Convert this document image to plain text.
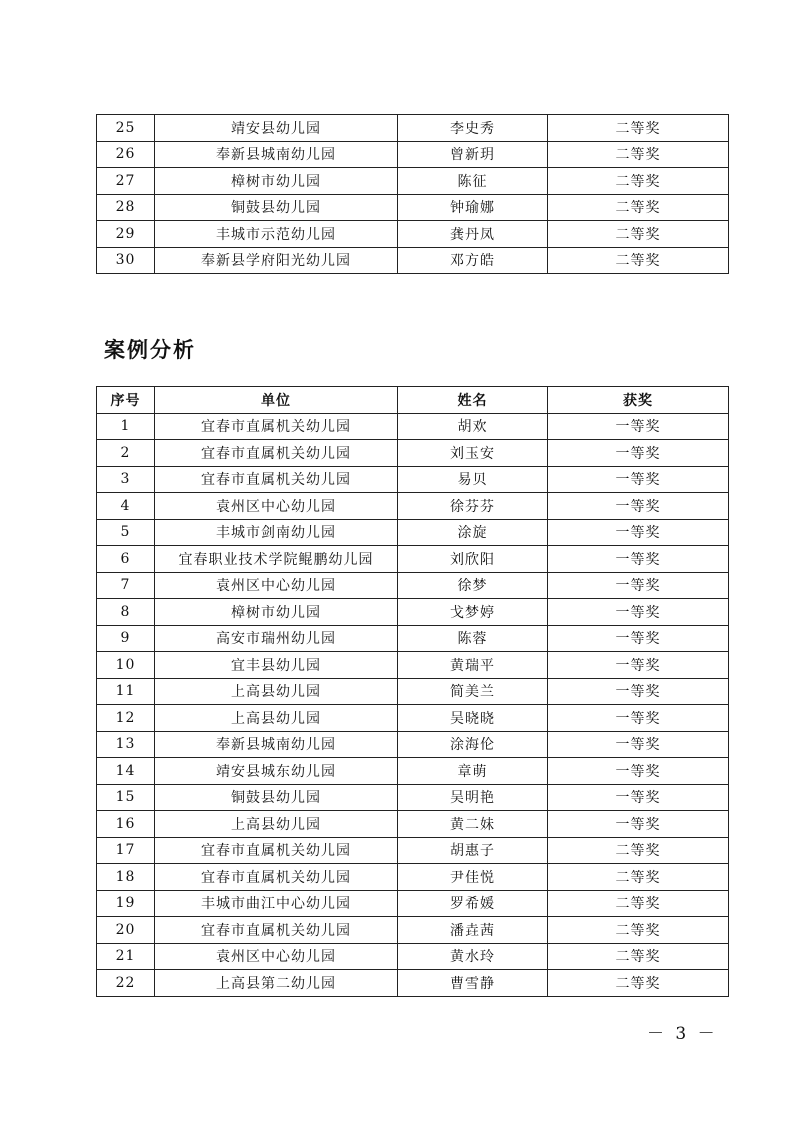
25	靖安县幼儿园	李史秀	二等奖
26	奉新县城南幼儿园	曾新玥	二等奖
27	樟树市幼儿园	陈征	二等奖
28	铜鼓县幼儿园	钟瑜娜	二等奖
29	丰城市示范幼儿园	龚丹凤	二等奖
30	奉新县学府阳光幼儿园	邓方皓	二等奖
案例分析
序号	单位	姓名	获奖
1	宜春市直属机关幼儿园	胡欢	一等奖
2	宜春市直属机关幼儿园	刘玉安	一等奖
3	宜春市直属机关幼儿园	易贝	一等奖
4	袁州区中心幼儿园	徐芬芬	一等奖
5	丰城市剑南幼儿园	涂旋	一等奖
6	宜春职业技术学院鲲鹏幼儿园	刘欣阳	一等奖
7	袁州区中心幼儿园	徐梦	一等奖
8	樟树市幼儿园	戈梦婷	一等奖
9	高安市瑞州幼儿园	陈蓉	一等奖
10	宜丰县幼儿园	黄瑞平	一等奖
11	上高县幼儿园	简美兰	一等奖
12	上高县幼儿园	吴晓晓	一等奖
13	奉新县城南幼儿园	涂海伦	一等奖
14	靖安县城东幼儿园	章萌	一等奖
15	铜鼓县幼儿园	吴明艳	一等奖
16	上高县幼儿园	黄二妹	一等奖
17	宜春市直属机关幼儿园	胡惠子	二等奖
18	宜春市直属机关幼儿园	尹佳悦	二等奖
19	丰城市曲江中心幼儿园	罗希媛	二等奖
20	宜春市直属机关幼儿园	潘垚茜	二等奖
21	袁州区中心幼儿园	黄水玲	二等奖
22	上高县第二幼儿园	曹雪静	二等奖
－ 3 －
